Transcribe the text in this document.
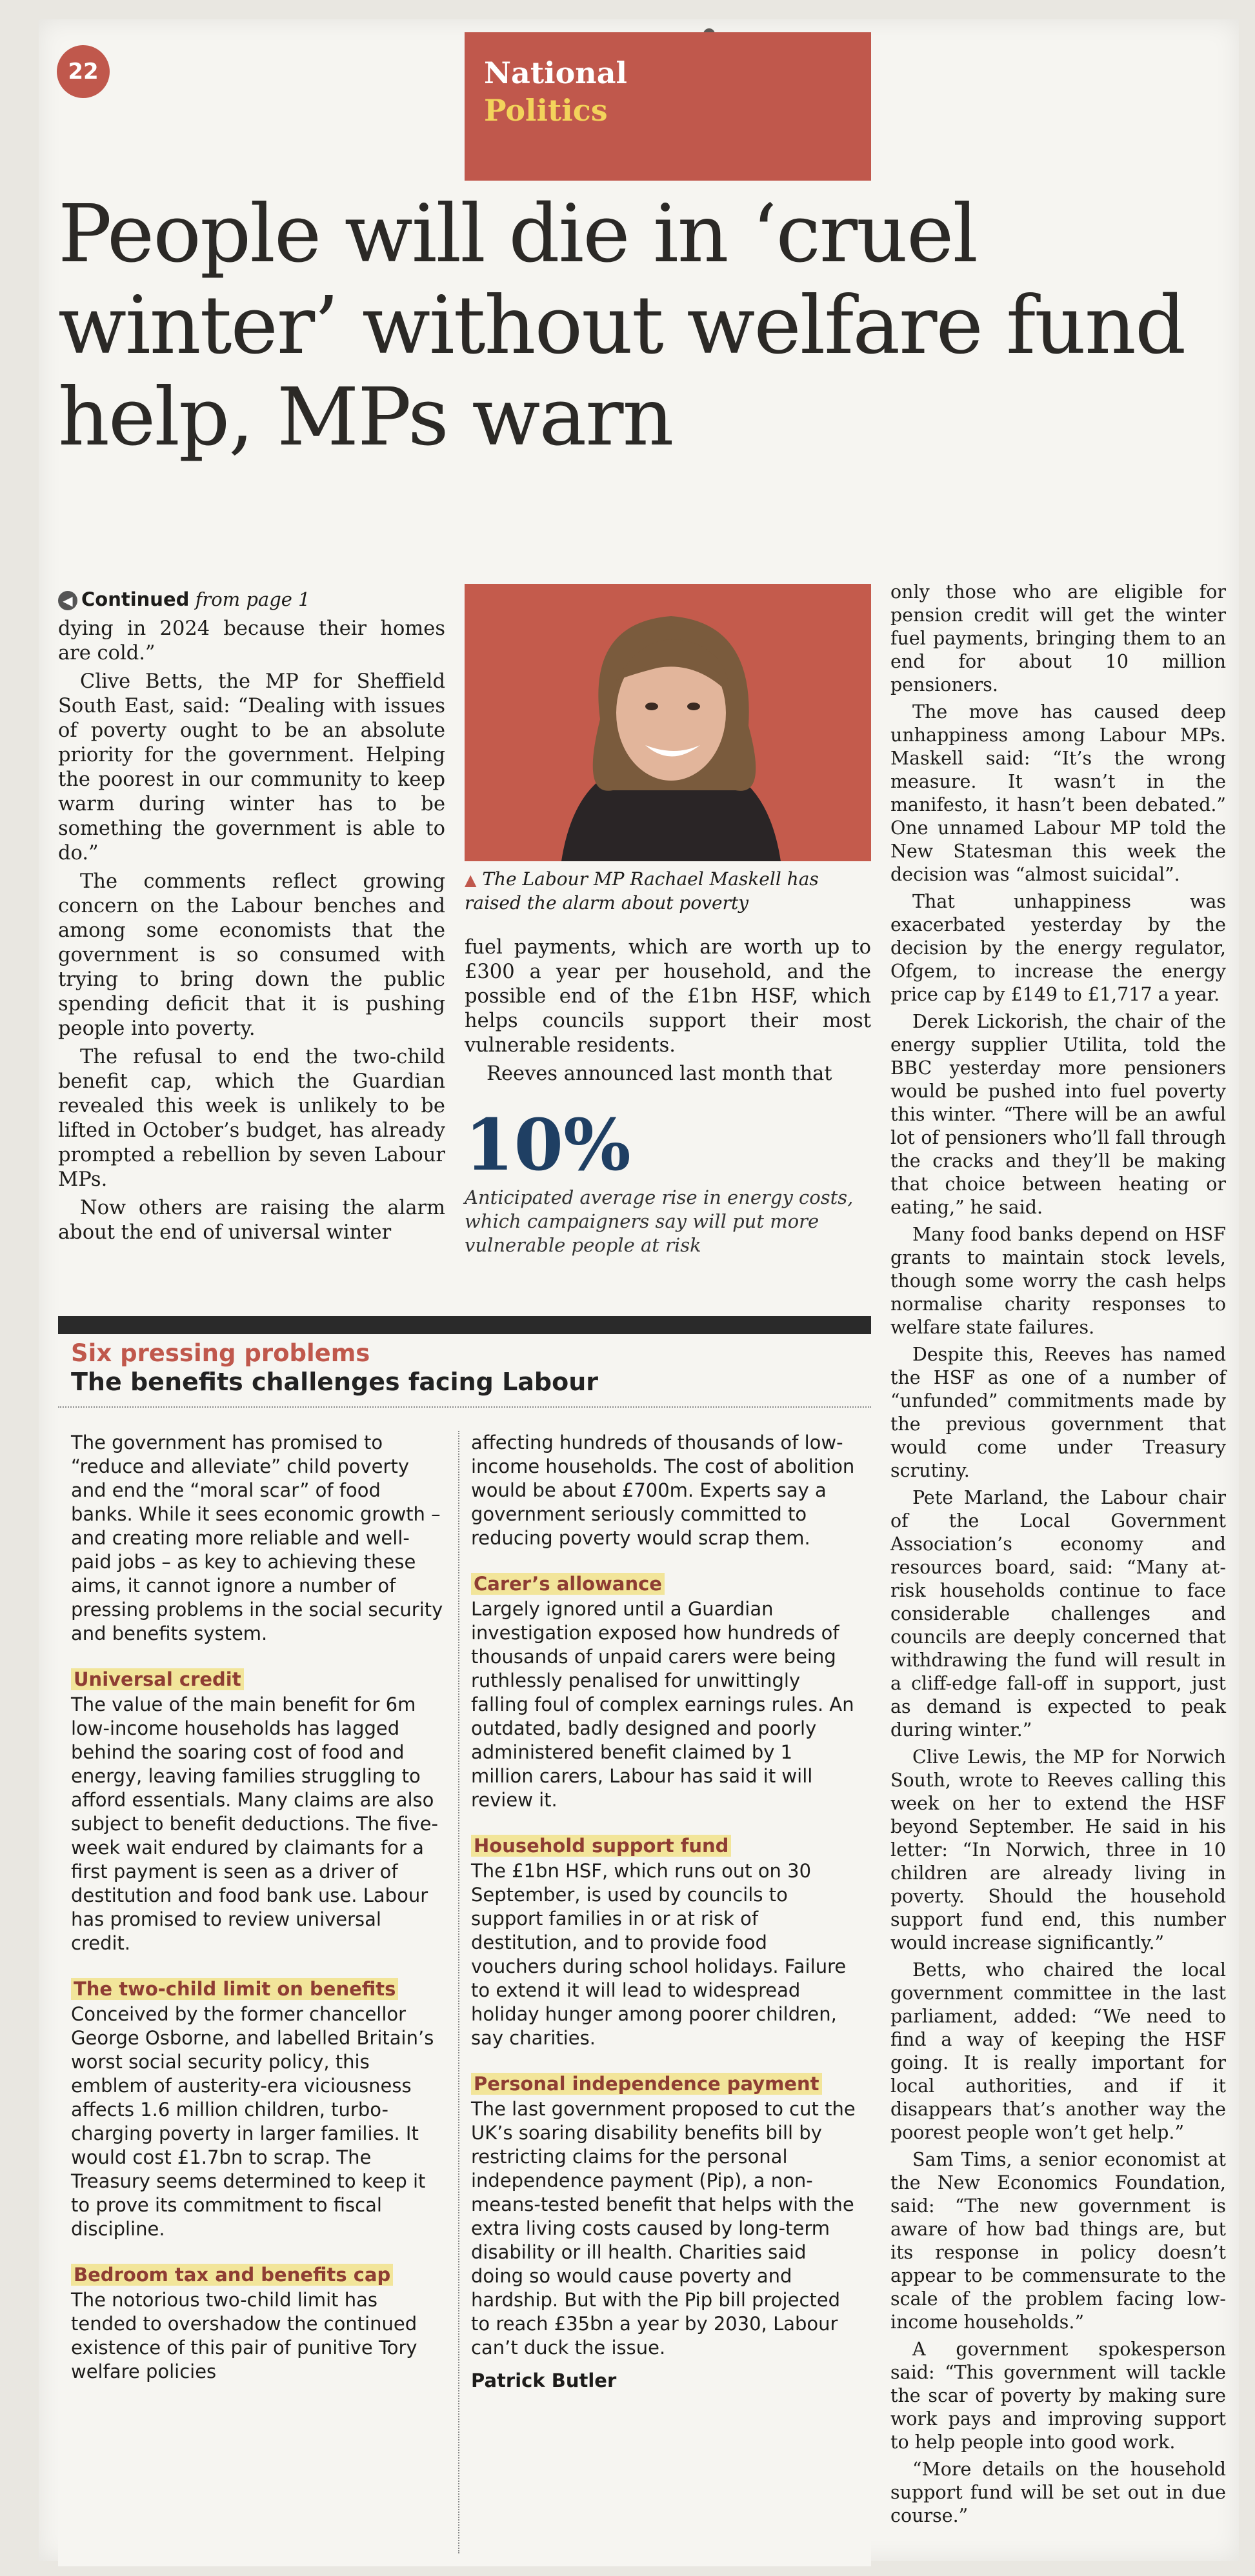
22	National
Politics
People will die in ‘cruel winter’ without welfare fund help, MPs warn
◀ Continued from page 1

dying in 2024 because their homes are cold.”

Clive Betts, the MP for Sheffield South East, said: “Dealing with issues of poverty ought to be an absolute priority for the government. Helping the poorest in our community to keep warm during winter has to be something the government is able to do.”

The comments reflect growing concern on the Labour benches and among some economists that the government is so consumed with trying to bring down the public spending deficit that it is pushing people into poverty.

The refusal to end the two-child benefit cap, which the Guardian revealed this week is unlikely to be lifted in October’s budget, has already prompted a rebellion by seven Labour MPs.

Now others are raising the alarm about the end of universal winter

▲ The Labour MP Rachael Maskell has raised the alarm about poverty

fuel payments, which are worth up to £300 a year per household, and the possible end of the £1bn HSF, which helps councils support their most vulnerable residents.

Reeves announced last month that

10%
Anticipated average rise in energy costs, which campaigners say will put more vulnerable people at risk

only those who are eligible for pension credit will get the winter fuel payments, bringing them to an end for about 10 million pensioners.

The move has caused deep unhappiness among Labour MPs. Maskell said: “It’s the wrong measure. It wasn’t in the manifesto, it hasn’t been debated.” One unnamed Labour MP told the New Statesman this week the decision was “almost suicidal”.

That unhappiness was exacerbated yesterday by the decision by the energy regulator, Ofgem, to increase the energy price cap by £149 to £1,717 a year.

Derek Lickorish, the chair of the energy supplier Utilita, told the BBC yesterday more pensioners would be pushed into fuel poverty this winter. “There will be an awful lot of pensioners who’ll fall through the cracks and they’ll be making that choice between heating or eating,” he said.

Many food banks depend on HSF grants to maintain stock levels, though some worry the cash helps normalise charity responses to welfare state failures.

Despite this, Reeves has named the HSF as one of a number of “unfunded” commitments made by the previous government that would come under Treasury scrutiny.

Pete Marland, the Labour chair of the Local Government Association’s economy and resources board, said: “Many at-risk households continue to face considerable challenges and councils are deeply concerned that withdrawing the fund will result in a cliff-edge fall-off in support, just as demand is expected to peak during winter.”

Clive Lewis, the MP for Norwich South, wrote to Reeves calling this week on her to extend the HSF beyond September. He said in his letter: “In Norwich, three in 10 children are already living in poverty. Should the household support fund end, this number would increase significantly.”

Betts, who chaired the local government committee in the last parliament, added: “We need to find a way of keeping the HSF going. It is really important for local authorities, and if it disappears that’s another way the poorest people won’t get help.”

Sam Tims, a senior economist at the New Economics Foundation, said: “The new government is aware of how bad things are, but its response in policy doesn’t appear to be commensurate to the scale of the problem facing low-income households.”

A government spokesperson said: “This government will tackle the scar of poverty by making sure work pays and improving support to help people into good work.

“More details on the household support fund will be set out in due course.”

Six pressing problems
The benefits challenges facing Labour

The government has promised to “reduce and alleviate” child poverty and end the “moral scar” of food banks. While it sees economic growth – and creating more reliable and well-paid jobs – as key to achieving these aims, it cannot ignore a number of pressing problems in the social security and benefits system.

Universal credit

The value of the main benefit for 6m low-income households has lagged behind the soaring cost of food and energy, leaving families struggling to afford essentials. Many claims are also subject to benefit deductions. The five-week wait endured by claimants for a first payment is seen as a driver of destitution and food bank use. Labour has promised to review universal credit.

The two-child limit on benefits

Conceived by the former chancellor George Osborne, and labelled Britain’s worst social security policy, this emblem of austerity-era viciousness affects 1.6 million children, turbo-charging poverty in larger families. It would cost £1.7bn to scrap. The Treasury seems determined to keep it to prove its commitment to fiscal discipline.

Bedroom tax and benefits cap

The notorious two-child limit has tended to overshadow the continued existence of this pair of punitive Tory welfare policies

affecting hundreds of thousands of low-income households. The cost of abolition would be about £700m. Experts say a government seriously committed to reducing poverty would scrap them.

Carer’s allowance

Largely ignored until a Guardian investigation exposed how hundreds of thousands of unpaid carers were being ruthlessly penalised for unwittingly falling foul of complex earnings rules. An outdated, badly designed and poorly administered benefit claimed by 1 million carers, Labour has said it will review it.

Household support fund

The £1bn HSF, which runs out on 30 September, is used by councils to support families in or at risk of destitution, and to provide food vouchers during school holidays. Failure to extend it will lead to widespread holiday hunger among poorer children, say charities.

Personal independence payment

The last government proposed to cut the UK’s soaring disability benefits bill by restricting claims for the personal independence payment (Pip), a non-means-tested benefit that helps with the extra living costs caused by long-term disability or ill health. Charities said doing so would cause poverty and hardship. But with the Pip bill projected to reach £35bn a year by 2030, Labour can’t duck the issue.

Patrick Butler
